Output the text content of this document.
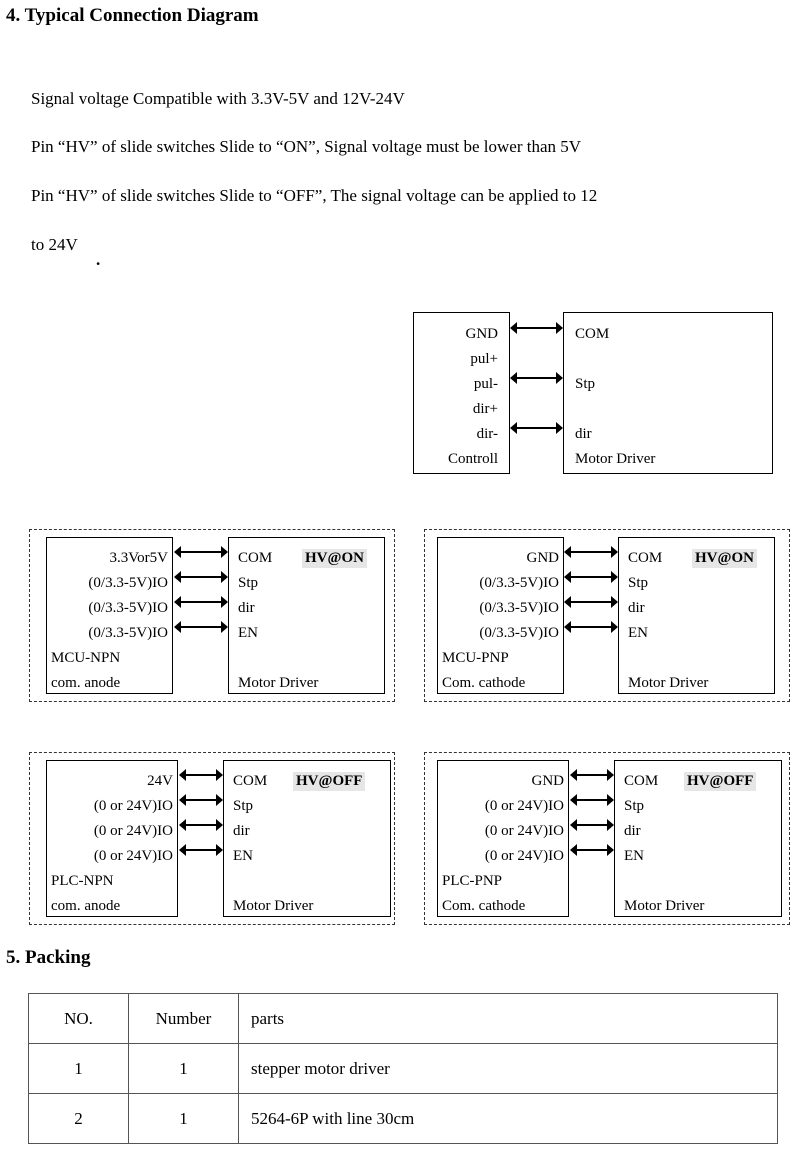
4. Typical Connection Diagram

Signal voltage Compatible with 3.3V-5V and 12V-24V

Pin “HV” of slide switches Slide to “ON”, Signal voltage must be lower than 5V

Pin “HV” of slide switches Slide to “OFF”, The signal voltage can be applied to 12

to 24V

.
GND
pul+
pul-
dir+
dir-
Controll
COM
Stp
dir
Motor Driver
3.3Vor5V
(0/3.3-5V)IO
(0/3.3-5V)IO
(0/3.3-5V)IO
MCU-NPN
com. anode
COM
Stp
dir
EN
Motor Driver
HV@ON	GND
(0/3.3-5V)IO
(0/3.3-5V)IO
(0/3.3-5V)IO
MCU-PNP
Com. cathode
COM
Stp
dir
EN
Motor Driver
HV@ON
24V
(0 or 24V)IO
(0 or 24V)IO
(0 or 24V)IO
PLC-NPN
com. anode
COM
Stp
dir
EN
Motor Driver
HV@OFF	GND
(0 or 24V)IO
(0 or 24V)IO
(0 or 24V)IO
PLC-PNP
Com. cathode
COM
Stp
dir
EN
Motor Driver
HV@OFF
5. Packing
NO.	Number	parts
1	1	stepper motor driver
2	1	5264-6P with line 30cm
